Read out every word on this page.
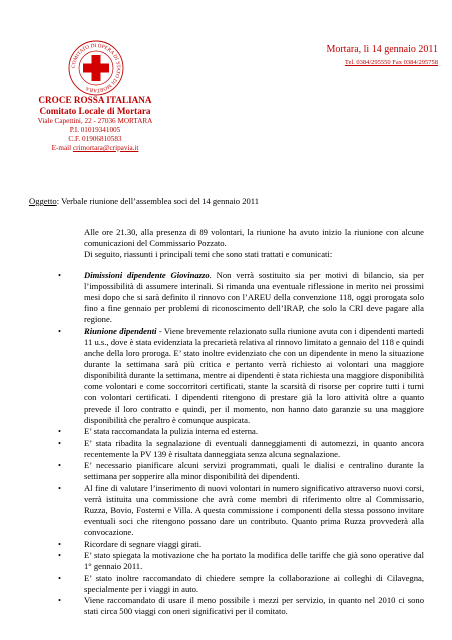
COMITATO DI OPERA DI STATO DI MORTARA
Mortara, lì 14 gennaio 2011
Tel. 0384/295550 Fax 0384/295758
CROCE ROSSA ITALIANA
Comitato Locale di Mortara
Viale Capettini, 22 - 27036 MORTARA
P.I. 01019341005
C.F. 01906810583
E-mail crimortara@cripavia.it
Oggetto: Verbale riunione dell’assemblea soci del 14 gennaio 2011

Alle ore 21.30, alla presenza di 89 volontari, la riunione ha avuto inizio la riunione con alcune comunicazioni del Commissario Pozzato.

Di seguito, riassunti i principali temi che sono stati trattati e comunicati:

•	Dimissioni dipendente Giovinazzo. Non verrà sostituito sia per motivi di bilancio, sia per l’impossibilità di assumere interinali. Si rimanda una eventuale riflessione in merito nei prossimi mesi dopo che si sarà definito il rinnovo con l’AREU della convenzione 118, oggi prorogata solo fino a fine gennaio per problemi di riconoscimento dell’IRAP, che solo la CRI deve pagare alla regione.
•	Riunione dipendenti - Viene brevemente relazionato sulla riunione avuta con i dipendenti martedì 11 u.s., dove è stata evidenziata la precarietà relativa al rinnovo limitato a gennaio del 118 e quindi anche della loro proroga. E’ stato inoltre evidenziato che con un dipendente in meno la situazione durante la settimana sarà più critica e pertanto verrà richiesto ai volontari una maggiore disponibilità durante la settimana, mentre ai dipendenti è stata richiesta una maggiore disponibilità come volontari e come soccorritori certificati, stante la scarsità di risorse per coprire tutti i turni con volontari certificati. I dipendenti ritengono di prestare già la loro attività oltre a quanto prevede il loro contratto e quindi, per il momento, non hanno dato garanzie su una maggiore disponibilità che peraltro è comunque auspicata.
•	E’ stata raccomandata la pulizia interna ed esterna.
•	E’ stata ribadita la segnalazione di eventuali danneggiamenti di automezzi, in quanto ancora recentemente la PV 139 è risultata danneggiata senza alcuna segnalazione.
•	E’ necessario pianificare alcuni servizi programmati, quali le dialisi e centralino durante la settimana per sopperire alla minor disponibilità dei dipendenti.
•	Al fine di valutare l’inserimento di nuovi volontari in numero significativo attraverso nuovi corsi, verrà istituita una commissione che avrà come membri di riferimento oltre al Commissario, Ruzza, Bovio, Fosterni e Villa. A questa commissione i componenti della stessa possono invitare eventuali soci che ritengono possano dare un contributo. Quanto prima Ruzza provvederà alla convocazione.
•	Ricordare di segnare viaggi girati.
•	E’ stato spiegata la motivazione che ha portato la modifica delle tariffe che già sono operative dal 1° gennaio 2011.
•	E’ stato inoltre raccomandato di chiedere sempre la collaborazione ai colleghi di Cilavegna, specialmente per i viaggi in auto.
•	Viene raccomandato di usare il meno possibile i mezzi per servizio, in quanto nel 2010 ci sono stati circa 500 viaggi con oneri significativi per il comitato.
